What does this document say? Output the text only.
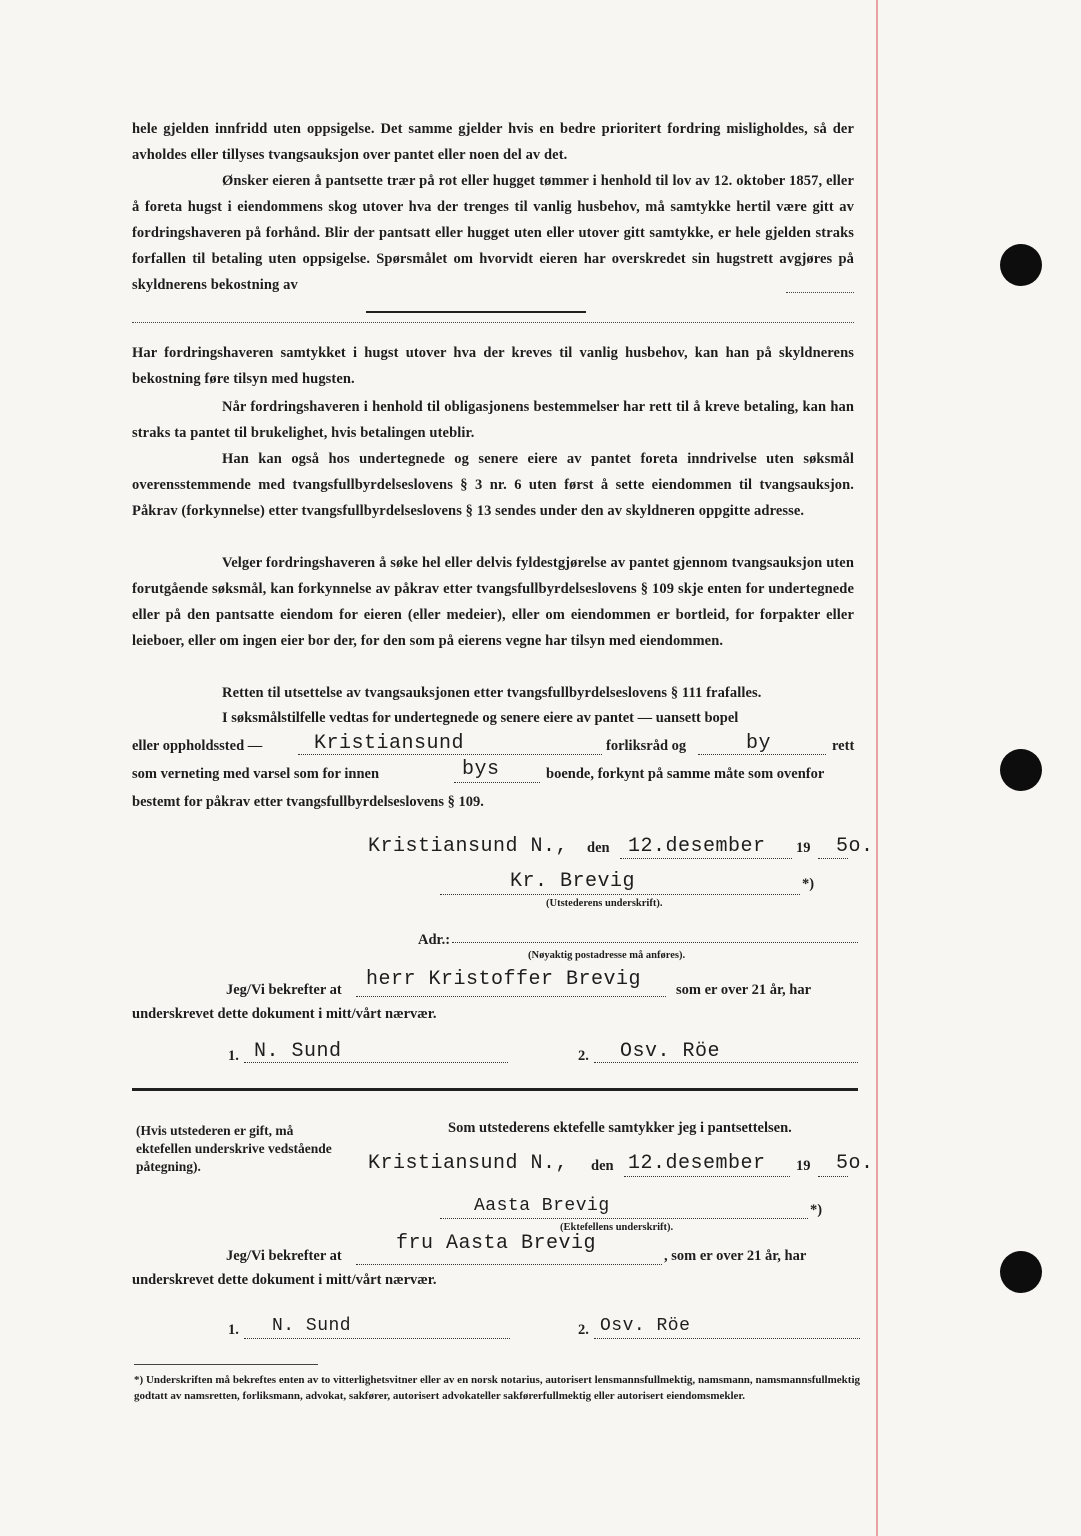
hele gjelden innfridd uten oppsigelse. Det samme gjelder hvis en bedre prioritert fordring misligholdes, så der avholdes eller tillyses tvangsauksjon over pantet eller noen del av det.
Ønsker eieren å pantsette trær på rot eller hugget tømmer i henhold til lov av 12. oktober 1857, eller å foreta hugst i eiendommens skog utover hva der trenges til vanlig husbehov, må samtykke hertil være gitt av fordringshaveren på forhånd. Blir der pantsatt eller hugget uten eller utover gitt samtykke, er hele gjelden straks forfallen til betaling uten oppsigelse. Spørsmålet om hvorvidt eieren har overskredet sin hugstrett avgjøres på skyldnerens bekostning av
Har fordringshaveren samtykket i hugst utover hva der kreves til vanlig husbehov, kan han på skyldnerens bekostning føre tilsyn med hugsten.
Når fordringshaveren i henhold til obligasjonens bestemmelser har rett til å kreve betaling, kan han straks ta pantet til brukelighet, hvis betalingen uteblir.
Han kan også hos undertegnede og senere eiere av pantet foreta inndrivelse uten søksmål overensstemmende med tvangsfullbyrdelseslovens § 3 nr. 6 uten først å sette eiendommen til tvangsauksjon. Påkrav (forkynnelse) etter tvangsfullbyrdelseslovens § 13 sendes under den av skyldneren oppgitte adresse.
Velger fordringshaveren å søke hel eller delvis fyldestgjørelse av pantet gjennom tvangsauksjon uten forutgående søksmål, kan forkynnelse av påkrav etter tvangsfullbyrdelseslovens § 109 skje enten for undertegnede eller på den pantsatte eiendom for eieren (eller medeier), eller om eiendommen er bortleid, for forpakter eller leieboer, eller om ingen eier bor der, for den som på eierens vegne har tilsyn med eiendommen.
Retten til utsettelse av tvangsauksjonen etter tvangsfullbyrdelseslovens § 111 frafalles.
I søksmålstilfelle vedtas for undertegnede og senere eiere av pantet — uansett bopel
eller oppholdssted —	Kristiansund	forliksråd og	by	rett
som verneting med varsel som for innen	bys	boende, forkynt på samme måte som ovenfor
bestemt for påkrav etter tvangsfullbyrdelseslovens § 109.
Kristiansund N., den 12.desember 19 5o.
Kr. Brevig	*)
(Utstederens underskrift).
Adr.:
(Nøyaktig postadresse må anføres).
Jeg/Vi bekrefter at herr Kristoffer Brevig som er over 21 år, har
underskrevet dette dokument i mitt/vårt nærvær.
1. N. Sund	2. Osv. Röe
(Hvis utstederen er gift, må ektefellen underskrive vedstående påtegning).
Som utstederens ektefelle samtykker jeg i pantsettelsen.
Kristiansund N., den 12.desember 19 5o.
Aasta Brevig	*)
(Ektefellens underskrift).
Jeg/Vi bekrefter at
fru Aasta Brevig
, som er over 21 år, har
underskrevet dette dokument i mitt/vårt nærvær.
1. N. Sund	2. Osv. Röe
*) Underskriften må bekreftes enten av to vitterlighetsvitner eller av en norsk notarius, autorisert lensmannsfullmektig, namsmann, namsmannsfullmektig godtatt av namsretten, forliksmann, advokat, sakfører, autorisert advokateller sakførerfullmektig eller autorisert eiendomsmekler.
